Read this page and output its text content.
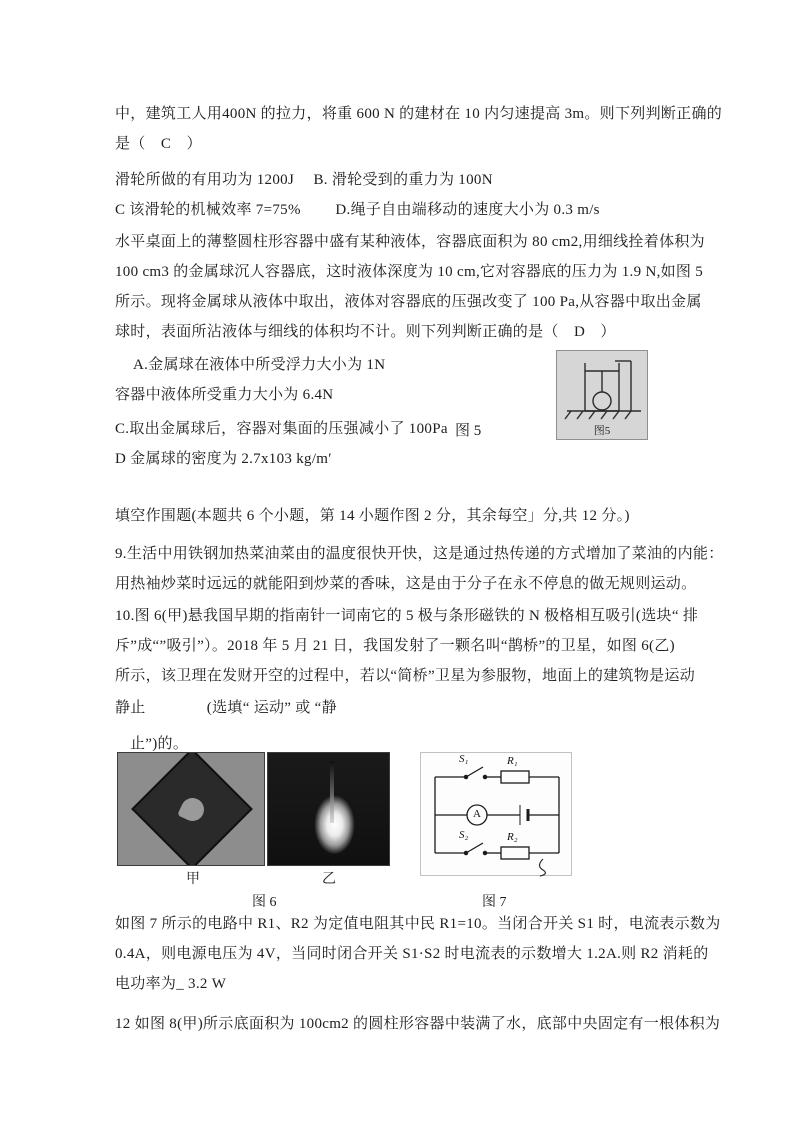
中，建筑工人用400N 的拉力，将重 600 N 的建材在 10 内匀速提高 3m。则下列判断正确的
是（　C　）
滑轮所做的有用功为 1200J　 B. 滑轮受到的重力为 100N
C 该滑轮的机械效率 7=75%　　 D.绳子自由端移动的速度大小为 0.3 m/s
水平桌面上的薄整圆柱形容器中盛有某种液体，容器底面积为 80 cm2,用细线拴着体积为
100 cm3 的金属球沉人容器底，这时液体深度为 10 cm,它对容器底的压力为 1.9 N,如图 5
所示。现将金属球从液体中取出，液体对容器底的压强改变了 100 Pa,从容器中取出金属
球时，表面所沾液体与细线的体积均不计。则下列判断正确的是（　D　）
A.金属球在液体中所受浮力大小为 1N
容器中液体所受重力大小为 6.4N
C.取出金属球后，容器对集面的压强减小了 100Pa 图 5
D 金属球的密度为 2.7x103 kg/m′
图5
填空作围题(本题共 6 个小题，第 14 小题作图 2 分，其余每空」分,共 12 分。)
9.生活中用铁钢加热菜油菜由的温度很快开快，这是通过热传递的方式增加了菜油的内能：
用热袖炒菜时远远的就能阳到炒菜的香味，这是由于分子在永不停息的做无规则运动。
10.图 6(甲)悬我国早期的指南针一词南它的 5 极与条形磁铁的 N 极格相互吸引(选块“ 排
斥”成“”吸引”）。2018 年 5 月 21 日，我国发射了一颗名叫“鹊桥”的卫星，如图 6(乙)
所示，该卫理在发财开空的过程中，若以“简桥”卫星为参服物，地面上的建筑物是运动
静止　　　　(选填“ 运动” 或 “静
止”)的。
S₁	R₁
A
S₂	R₂
甲	乙
图 6	图 7
如图 7 所示的电路中 R1、R2 为定值电阻其中民 R1=10。当闭合开关 S1 时，电流表示数为
0.4A，则电源电压为 4V，当同时闭合开关 S1·S2 时电流表的示数增大 1.2A.则 R2 消耗的
电功率为_ 3.2 W
12 如图 8(甲)所示底面积为 100cm2 的圆柱形容器中装满了水，底部中央固定有一根体积为
